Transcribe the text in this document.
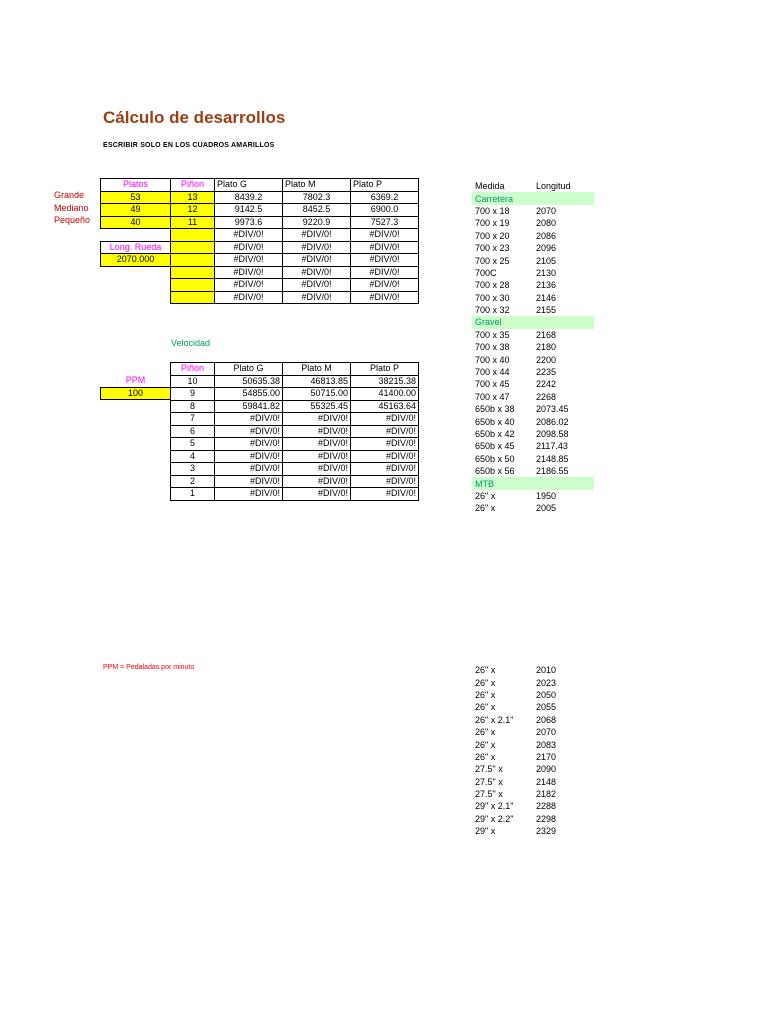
Cálculo de desarrollos
ESCRIBIR SOLO EN LOS CUADROS AMARILLOS
Grande
Mediano
Pequeño
Platos	Piñon	Plato G	Plato M	Plato P
53	13	8439.2	7802.3	6369.2
49	12	9142.5	8452.5	6900.0
40	11	9973.6	9220.9	7527.3
		#DIV/0!	#DIV/0!	#DIV/0!
Long. Rueda		#DIV/0!	#DIV/0!	#DIV/0!
2070.000		#DIV/0!	#DIV/0!	#DIV/0!
		#DIV/0!	#DIV/0!	#DIV/0!
		#DIV/0!	#DIV/0!	#DIV/0!
		#DIV/0!	#DIV/0!	#DIV/0!
Velocidad
PPM
100
Piñon	Plato G	Plato M	Plato P
10	50635.38	46813.85	38215.38
9	54855.00	50715.00	41400.00
8	59841.82	55325.45	45163.64
7	#DIV/0!	#DIV/0!	#DIV/0!
6	#DIV/0!	#DIV/0!	#DIV/0!
5	#DIV/0!	#DIV/0!	#DIV/0!
4	#DIV/0!	#DIV/0!	#DIV/0!
3	#DIV/0!	#DIV/0!	#DIV/0!
2	#DIV/0!	#DIV/0!	#DIV/0!
1	#DIV/0!	#DIV/0!	#DIV/0!
PPM = Pedaladas por minuto
Medida	Longitud
Carretera	
700 x 18	2070
700 x 19	2080
700 x 20	2086
700 x 23	2096
700 x 25	2105
700C	2130
700 x 28	2136
700 x 30	2146
700 x 32	2155
Gravel	
700 x 35	2168
700 x 38	2180
700 x 40	2200
700 x 44	2235
700 x 45	2242
700 x 47	2268
650b x 38	2073.45
650b x 40	2086.02
650b x 42	2098.58
650b x 45	2117.43
650b x 50	2148.85
650b x 56	2186.55
MTB	
26" x	1950
26" x	2005
26" x	2010
26" x	2023
26" x	2050
26" x	2055
26" x 2.1"	2068
26" x	2070
26" x	2083
26" x	2170
27.5" x	2090
27.5" x	2148
27.5" x	2182
29" x 2.1"	2288
29" x 2.2"	2298
29" x	2329
